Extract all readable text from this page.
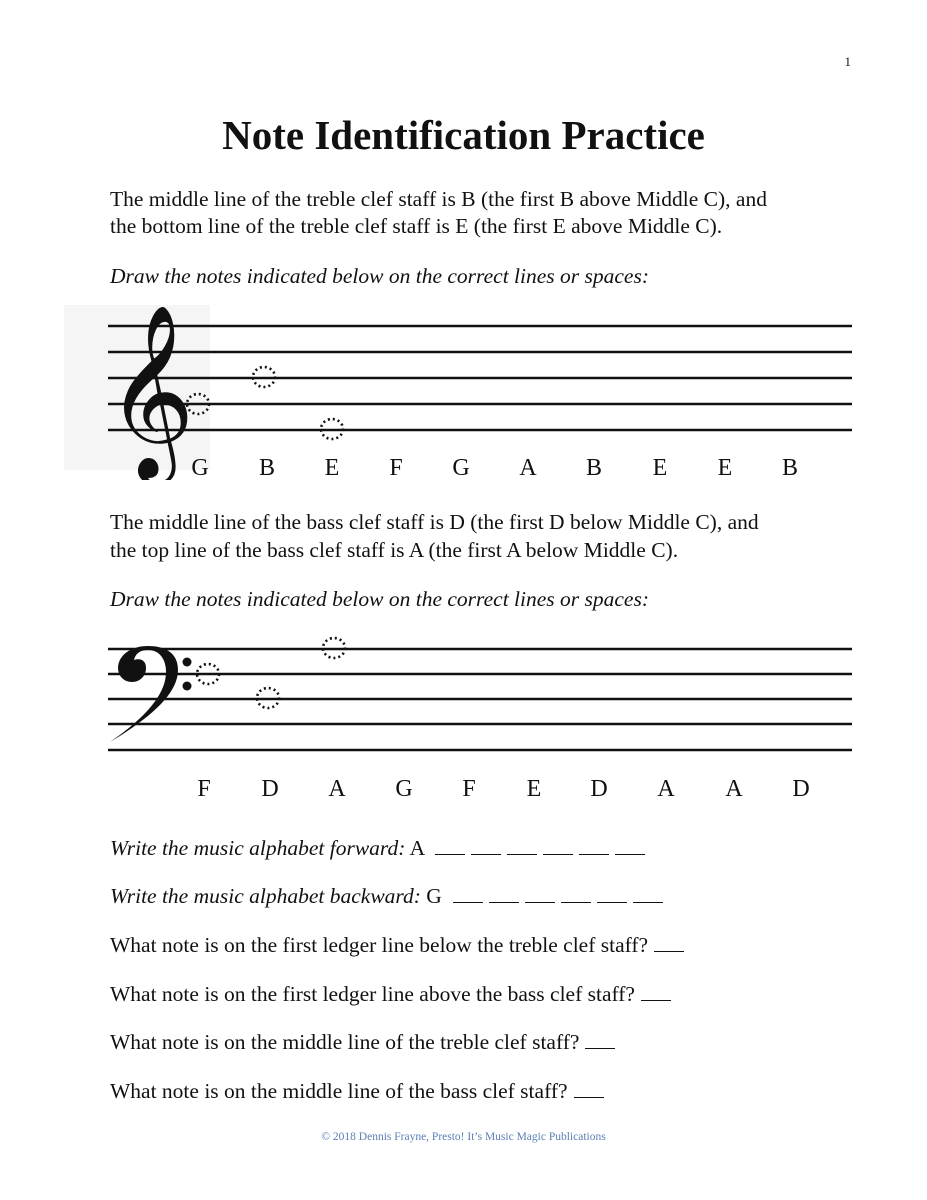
1
Note Identification Practice

The middle line of the treble clef staff is B (the first B above Middle C), and

the bottom line of the treble clef staff is E (the first E above Middle C).

Draw the notes indicated below on the correct lines or spaces:

𝄞
G	B	E	F	G	A	B	E	E	B

The middle line of the bass clef staff is D (the first D below Middle C), and

the top line of the bass clef staff is A (the first A below Middle C).

Draw the notes indicated below on the correct lines or spaces:

F	D	A	G	F	E	D	A	A	D
Write the music alphabet forward: A
Write the music alphabet backward: G
What note is on the first ledger line below the treble clef staff?
What note is on the first ledger line above the bass clef staff?
What note is on the middle line of the treble clef staff?
What note is on the middle line of the bass clef staff?
© 2018 Dennis Frayne, Presto! It’s Music Magic Publications
